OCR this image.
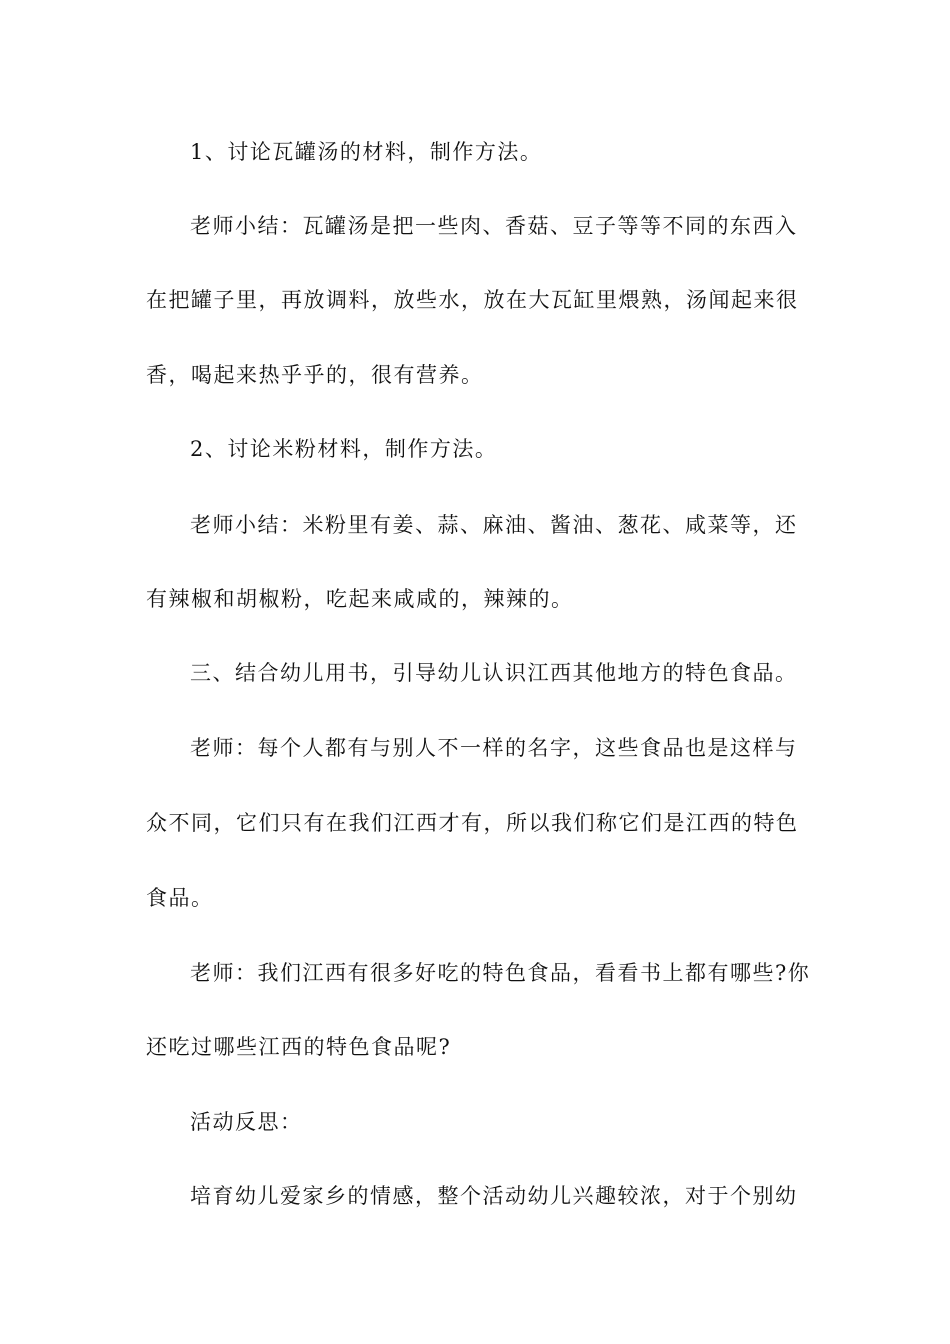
1、讨论瓦罐汤的材料，制作方法。
老师小结：瓦罐汤是把一些肉、香菇、豆子等等不同的东西入
在把罐子里，再放调料，放些水，放在大瓦缸里煨熟，汤闻起来很
香，喝起来热乎乎的，很有营养。
2、讨论米粉材料，制作方法。
老师小结：米粉里有姜、蒜、麻油、酱油、葱花、咸菜等，还
有辣椒和胡椒粉，吃起来咸咸的，辣辣的。
三、结合幼儿用书，引导幼儿认识江西其他地方的特色食品。
老师：每个人都有与别人不一样的名字，这些食品也是这样与
众不同，它们只有在我们江西才有，所以我们称它们是江西的特色
食品。
老师：我们江西有很多好吃的特色食品，看看书上都有哪些?你
还吃过哪些江西的特色食品呢?
活动反思：
培育幼儿爱家乡的情感，整个活动幼儿兴趣较浓，对于个别幼
